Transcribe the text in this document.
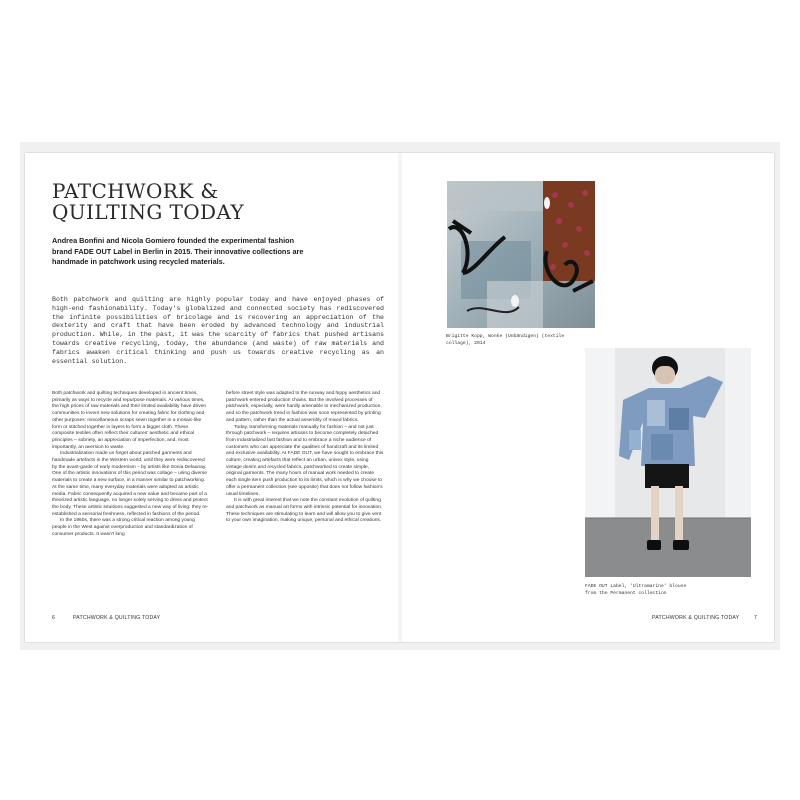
PATCHWORK &
QUILTING TODAY

Andrea Bonfini and Nicola Gomiero founded the experimental fashion brand FADE OUT Label in Berlin in 2015. Their innovative collections are handmade in patchwork using recycled materials.

Both patchwork and quilting are highly popular today and have enjoyed phases of high-end fashionability. Today's globalized and connected society has rediscovered the infinite possibilities of bricolage and is recovering an appreciation of the dexterity and craft that have been eroded by advanced technology and industrial production. While, in the past, it was the scarcity of fabrics that pushed artisans towards creative recycling, today, the abundance (and waste) of raw materials and fabrics awaken critical thinking and push us towards creative recycling as an essential solution.

Both patchwork and quilting techniques developed in ancient times, primarily as ways to recycle and repurpose materials. At various times, the high prices of raw materials and their limited availability have driven communities to invent new solutions for creating fabric for clothing and other purposes: miscellaneous scraps sewn together in a mosaic-like form or stitched together in layers to form a bigger cloth. These composite textiles often reflect their cultures' aesthetic and ethical principles – sobriety, an appreciation of imperfection, and, most importantly, an aversion to waste.

Industrialization made us forget about patched garments and handmade artefacts in the Western world, until they were rediscovered by the avant-garde of early modernism – by artists like Sonia Delaunay. One of the artistic innovations of this period was collage – using diverse materials to create a new surface, in a manner similar to patchworking. At the same time, many everyday materials were adopted as artistic media. Fabric consequently acquired a new value and became part of a theorized artistic language, no longer solely serving to dress and protect the body. These artistic intuitions suggested a new way of living: they re-established a sensorial freshness, reflected in fashions of the period.

In the 1960s, there was a strong critical reaction among young people in the West against overproduction and standardization of consumer products. It wasn't long

before street style was adapted to the runway and hippy aesthetics and patchwork entered production chains. But the involved processes of patchwork, especially, were hardly amenable to mechanized production, and so the patchwork trend in fashion was soon represented by printing and pattern, rather than the actual assembly of mixed fabrics.

Today, transforming materials manually for fashion – and not just through patchwork – requires artisans to become completely detached from industrialized fast fashion and to embrace a niche audience of customers who can appreciate the qualities of handcraft and its limited and exclusive availability. At FADE OUT, we have sought to embrace this culture, creating artefacts that reflect an urban, unisex style, using vintage denim and recycled fabrics, patchworked to create simple, original garments. The many hours of manual work needed to create each single item push production to its limits, which is why we choose to offer a permanent collection (see opposite) that does not follow fashion's usual timelines.

It is with great interest that we note the constant evolution of quilting and patchwork as manual art forms with intrinsic potential for innovation. These techniques are stimulating to learn and will allow you to give vent to your own imagination, making unique, personal and ethical creations.

6	PATCHWORK & QUILTING TODAY
Brigitte Kopp, Wonke (Unbändigen) (textile
collage), 2014
FADE OUT Label, 'Ultramarine' blouse
from the Permanent collection
PATCHWORK & QUILTING TODAY	7
